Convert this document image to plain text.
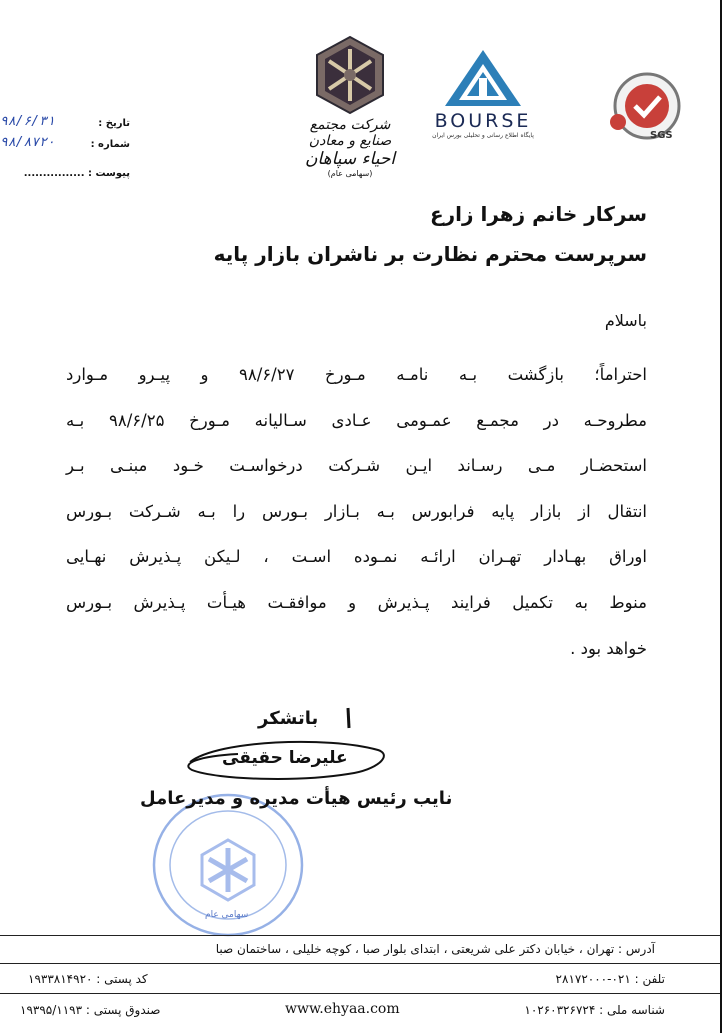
شرکت مجتمع صنایع و معادن
احیاء سپاهان
(سهامی عام)
BOURSE
پایگاه اطلاع رسانی و تحلیلی بورس ایران	SGS
تاریخ :
۹۸/۶/۳۱
شماره :
۹۸/۸۷۲۰
پیوست : ................
سرکار خانم زهرا زارع
سرپرست محترم نظارت بر ناشران بازار پایه
باسلام
احتراماً؛ بازگشت بـه نامـه مـورخ ۹۸/۶/۲۷ و پیـرو مـوارد
مطروحـه در مجمـع عمـومی عـادی سـالیانه مـورخ ۹۸/۶/۲۵ بـه
استحضـار مـی رسـاند ایـن شـرکت درخواسـت خـود مبنـی بـر
انتقال از بازار پایه فرابورس بـه بـازار بـورس را بـه شـرکت بـورس
اوراق بهـادار تهـران ارائـه نمـوده اسـت ، لـیکن پـذیرش نهـایی
منوط به تکمیل فرایند پـذیرش و موافقـت هیـأت پـذیرش بـورس
خواهد بود .
سهامی عام
باتشکر
علیرضا حقیقی
نایب رئیس هیأت مدیره و مدیرعامل
آدرس : تهران ، خیابان دکتر علی شریعتی ، ابتدای بلوار صبا ، کوچه خلیلی ، ساختمان صبا
تلفن : ۰۲۱-۲۸۱۷۲۰۰۰
کد پستی : ۱۹۳۳۸۱۴۹۲۰
شناسه ملی : ۱۰۲۶۰۳۲۶۷۲۴
www.ehyaa.com
صندوق پستی : ۱۹۳۹۵/۱۱۹۳
